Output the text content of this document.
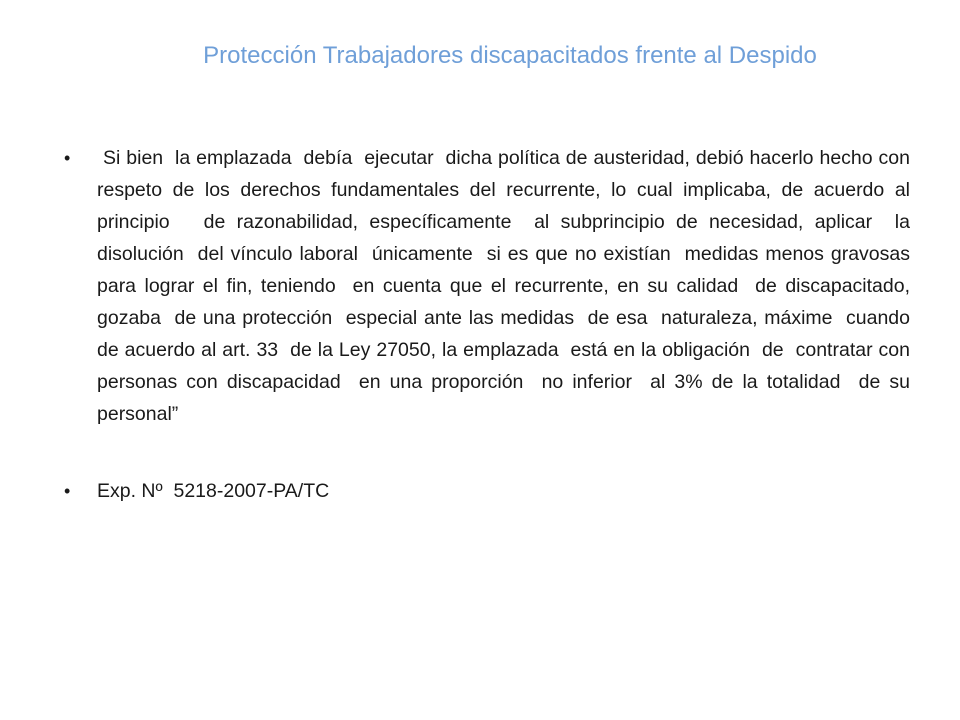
Protección Trabajadores discapacitados frente al Despido
•	Si bien  la emplazada  debía  ejecutar  dicha política de austeridad, debió hacerlo hecho con respeto de los derechos fundamentales del recurrente, lo cual implicaba, de acuerdo al principio   de razonabilidad, específicamente  al subprincipio de necesidad, aplicar  la disolución  del vínculo laboral  únicamente  si es que no existían  medidas menos gravosas para lograr el fin, teniendo  en cuenta que el recurrente, en su calidad  de discapacitado, gozaba  de una protección  especial ante las medidas  de esa  naturaleza, máxime  cuando  de acuerdo al art. 33  de la Ley 27050, la emplazada  está en la obligación  de  contratar con personas con discapacidad  en una proporción  no inferior  al 3% de la totalidad  de su personal”
•	Exp. Nº  5218-2007-PA/TC
